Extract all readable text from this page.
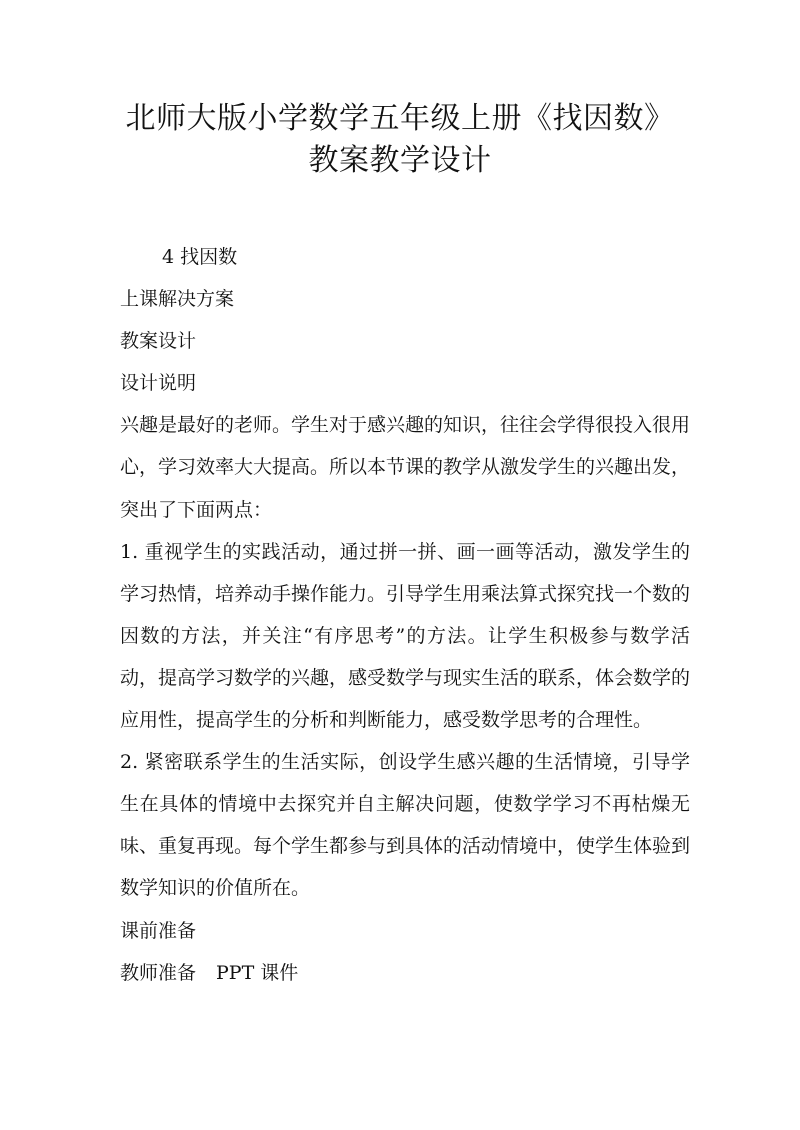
北师大版小学数学五年级上册《找因数》
教案教学设计

4 找因数

上课解决方案

教案设计

设计说明

兴趣是最好的老师。学生对于感兴趣的知识，往往会学得很投入很用心，学习效率大大提高。所以本节课的教学从激发学生的兴趣出发，突出了下面两点：

1. 重视学生的实践活动，通过拼一拼、画一画等活动，激发学生的学习热情，培养动手操作能力。引导学生用乘法算式探究找一个数的因数的方法，并关注“有序思考”的方法。让学生积极参与数学活动，提高学习数学的兴趣，感受数学与现实生活的联系，体会数学的应用性，提高学生的分析和判断能力，感受数学思考的合理性。

2. 紧密联系学生的生活实际，创设学生感兴趣的生活情境，引导学生在具体的情境中去探究并自主解决问题，使数学学习不再枯燥无味、重复再现。每个学生都参与到具体的活动情境中，使学生体验到数学知识的价值所在。

课前准备

教师准备 PPT 课件
